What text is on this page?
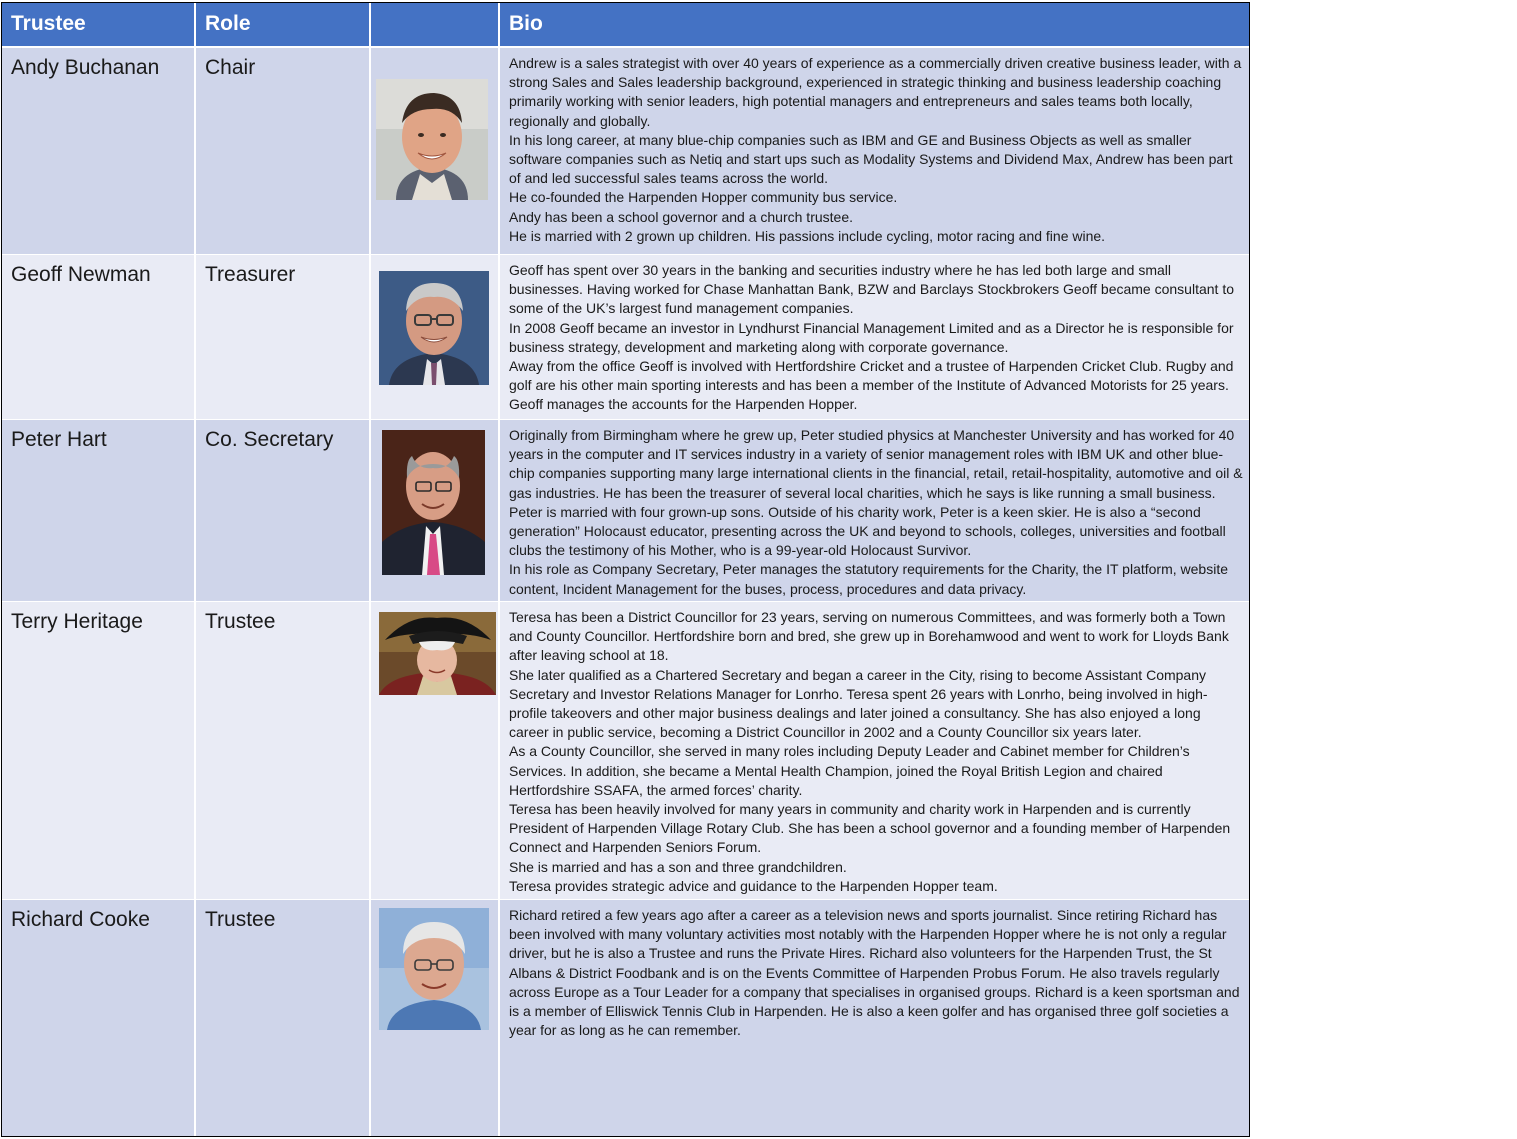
Trustee	Role	Bio
Andy Buchanan	Chair	Andrew is a sales strategist with over 40 years of experience as a commercially driven creative business leader, with a strong Sales and Sales leadership background, experienced in strategic thinking and business leadership coaching primarily working with senior leaders, high potential managers and entrepreneurs and sales teams both locally, regionally and globally.

In his long career, at many blue-chip companies such as IBM and GE and Business Objects as well as smaller software companies such as Netiq and start ups such as Modality Systems and Dividend Max, Andrew has been part of and led successful sales teams across the world.

He co-founded the Harpenden Hopper community bus service.

Andy has been a school governor and a church trustee.

He is married with 2 grown up children. His passions include cycling, motor racing and fine wine.

Geoff Newman	Treasurer	Geoff has spent over 30 years in the banking and securities industry where he has led both large and small businesses. Having worked for Chase Manhattan Bank, BZW and Barclays Stockbrokers Geoff became consultant to some of the UK’s largest fund management companies.

In 2008 Geoff became an investor in Lyndhurst Financial Management Limited and as a Director he is responsible for business strategy, development and marketing along with corporate governance.

Away from the office Geoff is involved with Hertfordshire Cricket and a trustee of Harpenden Cricket Club. Rugby and golf are his other main sporting interests and has been a member of the Institute of Advanced Motorists for 25 years. Geoff manages the accounts for the Harpenden Hopper.

Peter Hart	Co. Secretary	Originally from Birmingham where he grew up, Peter studied physics at Manchester University and has worked for 40 years in the computer and IT services industry in a variety of senior management roles with IBM UK and other blue-chip companies supporting many large international clients in the financial, retail, retail-hospitality, automotive and oil & gas industries. He has been the treasurer of several local charities, which he says is like running a small business. Peter is married with four grown-up sons. Outside of his charity work, Peter is a keen skier. He is also a “second generation” Holocaust educator, presenting across the UK and beyond to schools, colleges, universities and football clubs the testimony of his Mother, who is a 99-year-old Holocaust Survivor.

In his role as Company Secretary, Peter manages the statutory requirements for the Charity, the IT platform, website content, Incident Management for the buses, process, procedures and data privacy.

Terry Heritage	Trustee	Teresa has been a District Councillor for 23 years, serving on numerous Committees, and was formerly both a Town and County Councillor. Hertfordshire born and bred, she grew up in Borehamwood and went to work for Lloyds Bank after leaving school at 18.

She later qualified as a Chartered Secretary and began a career in the City, rising to become Assistant Company Secretary and Investor Relations Manager for Lonrho. Teresa spent 26 years with Lonrho, being involved in high-profile takeovers and other major business dealings and later joined a consultancy. She has also enjoyed a long career in public service, becoming a District Councillor in 2002 and a County Councillor six years later.

As a County Councillor, she served in many roles including Deputy Leader and Cabinet member for Children’s Services. In addition, she became a Mental Health Champion, joined the Royal British Legion and chaired Hertfordshire SSAFA, the armed forces’ charity.

Teresa has been heavily involved for many years in community and charity work in Harpenden and is currently President of Harpenden Village Rotary Club. She has been a school governor and a founding member of Harpenden Connect and Harpenden Seniors Forum.

She is married and has a son and three grandchildren.

Teresa provides strategic advice and guidance to the Harpenden Hopper team.

Richard Cooke	Trustee	Richard retired a few years ago after a career as a television news and sports journalist. Since retiring Richard has been involved with many voluntary activities most notably with the Harpenden Hopper where he is not only a regular driver, but he is also a Trustee and runs the Private Hires. Richard also volunteers for the Harpenden Trust, the St Albans & District Foodbank and is on the Events Committee of Harpenden Probus Forum. He also travels regularly across Europe as a Tour Leader for a company that specialises in organised groups. Richard is a keen sportsman and is a member of Elliswick Tennis Club in Harpenden. He is also a keen golfer and has organised three golf societies a year for as long as he can remember.
